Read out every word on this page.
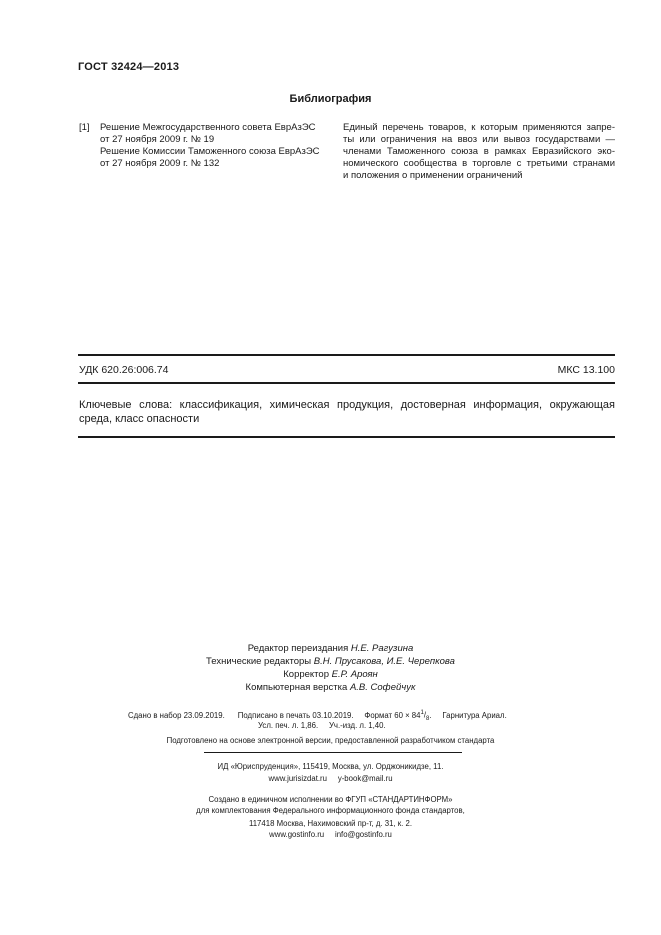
ГОСТ 32424—2013
Библиография
[1] Решение Межгосударственного совета ЕврАзЭС
от 27 ноября 2009 г. № 19
Решение Комиссии Таможенного союза ЕврАзЭС
от 27 ноября 2009 г. № 132
Единый перечень товаров, к которым применяются запре-
ты или ограничения на ввоз или вывоз государствами —
членами Таможенного союза в рамках Евразийского эко-
номического сообщества в торговле с третьими странами
и положения о применении ограничений
УДК 620.26:006.74	МКС 13.100
Ключевые слова: классификация, химическая продукция, достоверная информация, окружающая
среда, класс опасности
Редактор переиздания Н.Е. Рагузина
Технические редакторы В.Н. Прусакова, И.Е. Черепкова
Корректор Е.Р. Ароян
Компьютерная верстка А.В. Софейчук
Сдано в набор 23.09.2019. Подписано в печать 03.10.2019. Формат $60 \times 84^1/_8$. Гарнитура Ариал.
Усл. печ. л. 1,86. Уч.-изд. л. 1,40.
Подготовлено на основе электронной версии, предоставленной разработчиком стандарта
ИД «Юриспруденция», 115419, Москва, ул. Орджоникидзе, 11.
www.jurisizdat.ru y-book@mail.ru
Создано в единичном исполнении во ФГУП «СТАНДАРТИНФОРМ»
для комплектования Федерального информационного фонда стандартов,
117418 Москва, Нахимовский пр-т, д. 31, к. 2.
www.gostinfo.ru info@gostinfo.ru
